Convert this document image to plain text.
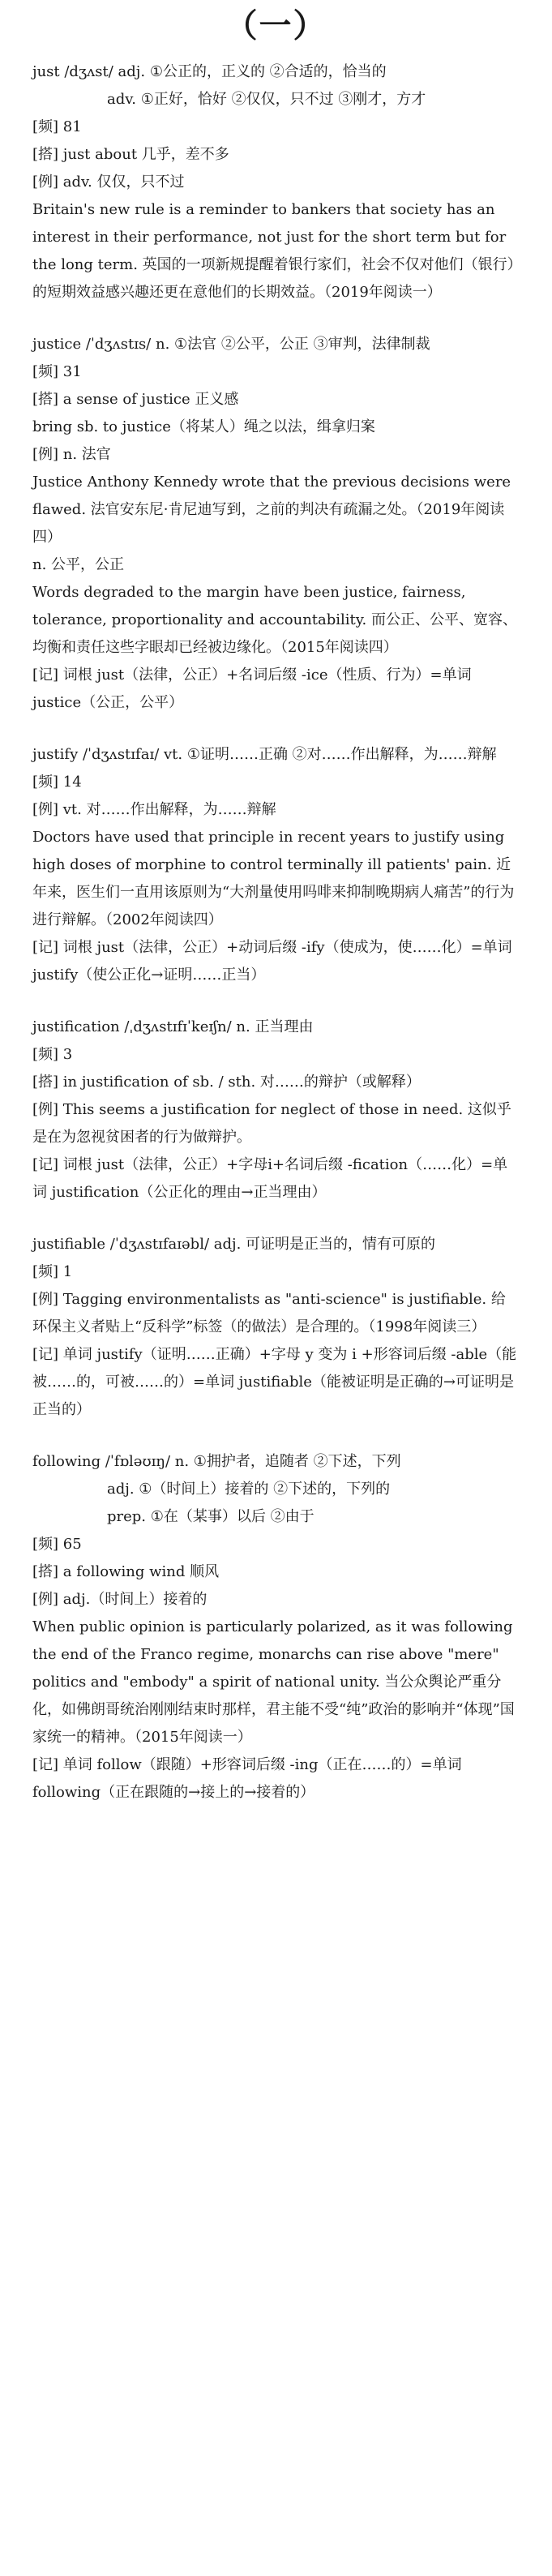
（一）

just /dʒʌst/ adj. ①公正的，正义的 ②合适的，恰当的

adv. ①正好，恰好 ②仅仅，只不过 ③刚才，方才

[频] 81

[搭] just about 几乎，差不多

[例] adv. 仅仅，只不过

Britain's new rule is a reminder to bankers that society has an interest in their performance, not just for the short term but for the long term. 英国的一项新规提醒着银行家们，社会不仅对他们（银行）的短期效益感兴趣还更在意他们的长期效益。（2019年阅读一）

justice /ˈdʒʌstɪs/ n. ①法官 ②公平，公正 ③审判，法律制裁

[频] 31

[搭] a sense of justice 正义感

bring sb. to justice（将某人）绳之以法，缉拿归案

[例] n. 法官

Justice Anthony Kennedy wrote that the previous decisions were flawed. 法官安东尼·肯尼迪写到，之前的判决有疏漏之处。（2019年阅读四）

n. 公平，公正

Words degraded to the margin have been justice, fairness, tolerance, proportionality and accountability. 而公正、公平、宽容、均衡和责任这些字眼却已经被边缘化。（2015年阅读四）

[记] 词根 just（法律，公正）+名词后缀 -ice（性质、行为）=单词 justice（公正，公平）

justify /ˈdʒʌstɪfaɪ/ vt. ①证明……正确 ②对……作出解释，为……辩解

[频] 14

[例] vt. 对……作出解释，为……辩解

Doctors have used that principle in recent years to justify using high doses of morphine to control terminally ill patients' pain. 近年来，医生们一直用该原则为“大剂量使用吗啡来抑制晚期病人痛苦”的行为进行辩解。（2002年阅读四）

[记] 词根 just（法律，公正）+动词后缀 -ify（使成为，使……化）=单词 justify（使公正化→证明……正当）

justification /ˌdʒʌstɪfɪˈkeɪʃn/ n. 正当理由

[频] 3

[搭] in justification of sb. / sth. 对……的辩护（或解释）

[例] This seems a justification for neglect of those in need. 这似乎是在为忽视贫困者的行为做辩护。

[记] 词根 just（法律，公正）+字母i+名词后缀 -fication（……化）=单词 justification（公正化的理由→正当理由）

justifiable /ˈdʒʌstɪfaɪəbl/ adj. 可证明是正当的，情有可原的

[频] 1

[例] Tagging environmentalists as "anti-science" is justifiable. 给环保主义者贴上“反科学”标签（的做法）是合理的。（1998年阅读三）

[记] 单词 justify（证明……正确）+字母 y 变为 i +形容词后缀 -able（能被……的，可被……的）=单词 justifiable（能被证明是正确的→可证明是正当的）

following /ˈfɒləʊɪŋ/ n. ①拥护者，追随者 ②下述，下列

adj. ①（时间上）接着的 ②下述的，下列的

prep. ①在（某事）以后 ②由于

[频] 65

[搭] a following wind 顺风

[例] adj.（时间上）接着的

When public opinion is particularly polarized, as it was following the end of the Franco regime, monarchs can rise above "mere" politics and "embody" a spirit of national unity. 当公众舆论严重分化，如佛朗哥统治刚刚结束时那样，君主能不受“纯”政治的影响并“体现”国家统一的精神。（2015年阅读一）

[记] 单词 follow（跟随）+形容词后缀 -ing（正在……的）=单词 following（正在跟随的→接上的→接着的）
